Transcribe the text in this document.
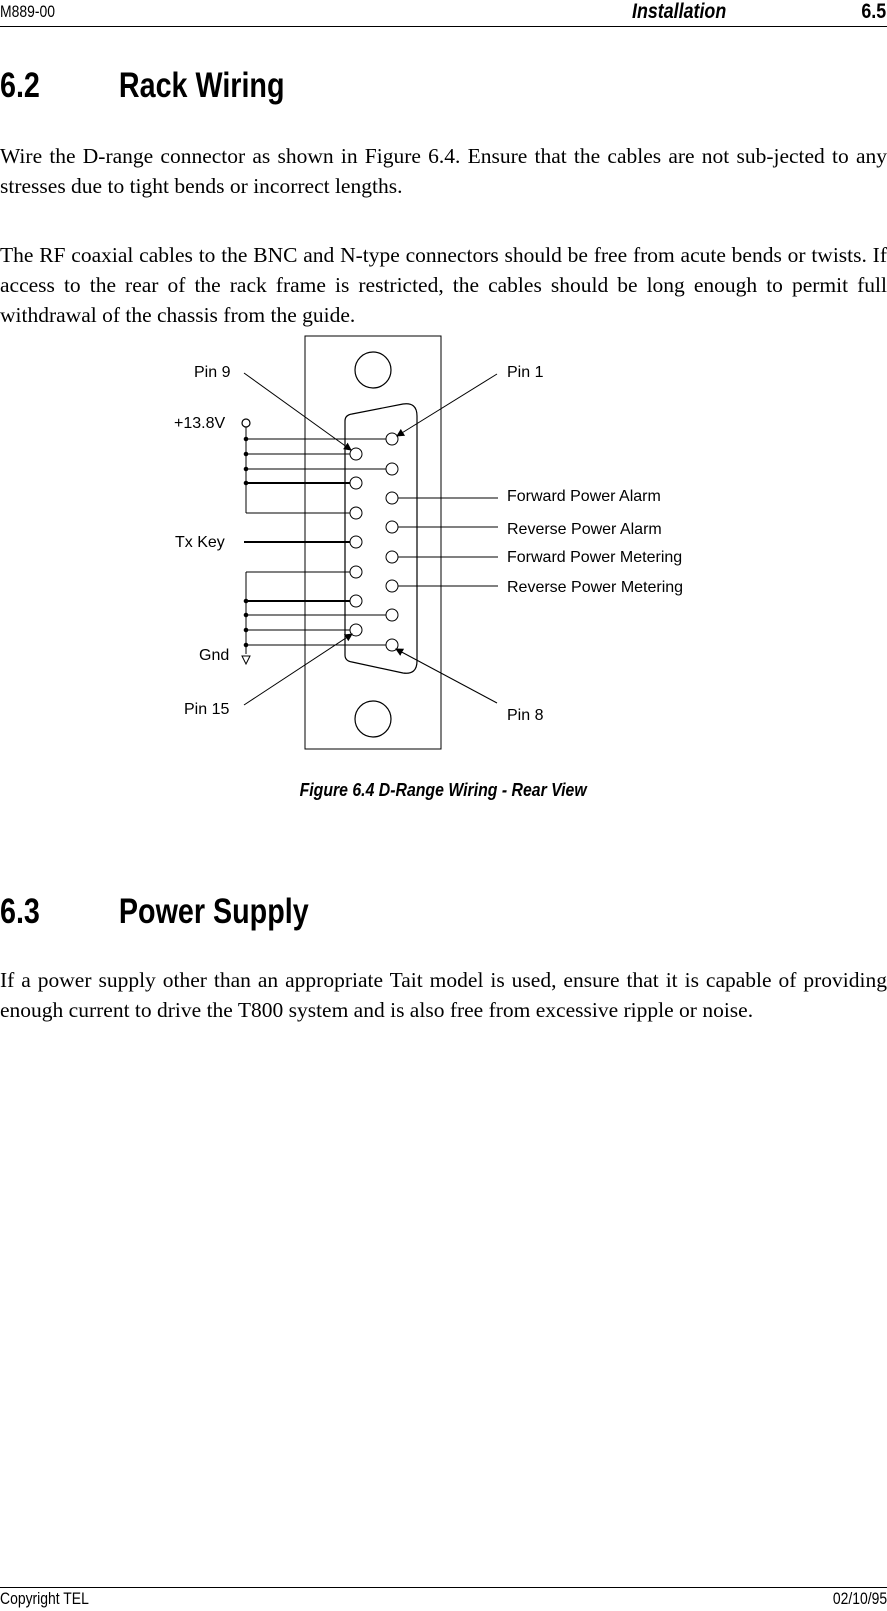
M889-00	Installation	6.5
6.2 Rack Wiring
Wire the D-range connector as shown in Figure 6.4. Ensure that the cables are not sub-jected to any stresses due to tight bends or incorrect lengths.
The RF coaxial cables to the BNC and N-type connectors should be free from acute bends or twists. If access to the rear of the rack frame is restricted, the cables should be long enough to permit full withdrawal of the chassis from the guide.
Pin 9	Pin 1
+13.8V
Forward Power Alarm
Reverse Power Alarm
Tx Key
Forward Power Metering
Reverse Power Metering
Gnd
Pin 15	Pin 8
Figure 6.4 D-Range Wiring - Rear View
6.3 Power Supply
If a power supply other than an appropriate Tait model is used, ensure that it is capable of providing enough current to drive the T800 system and is also free from excessive ripple or noise.
Copyright TEL	02/10/95
